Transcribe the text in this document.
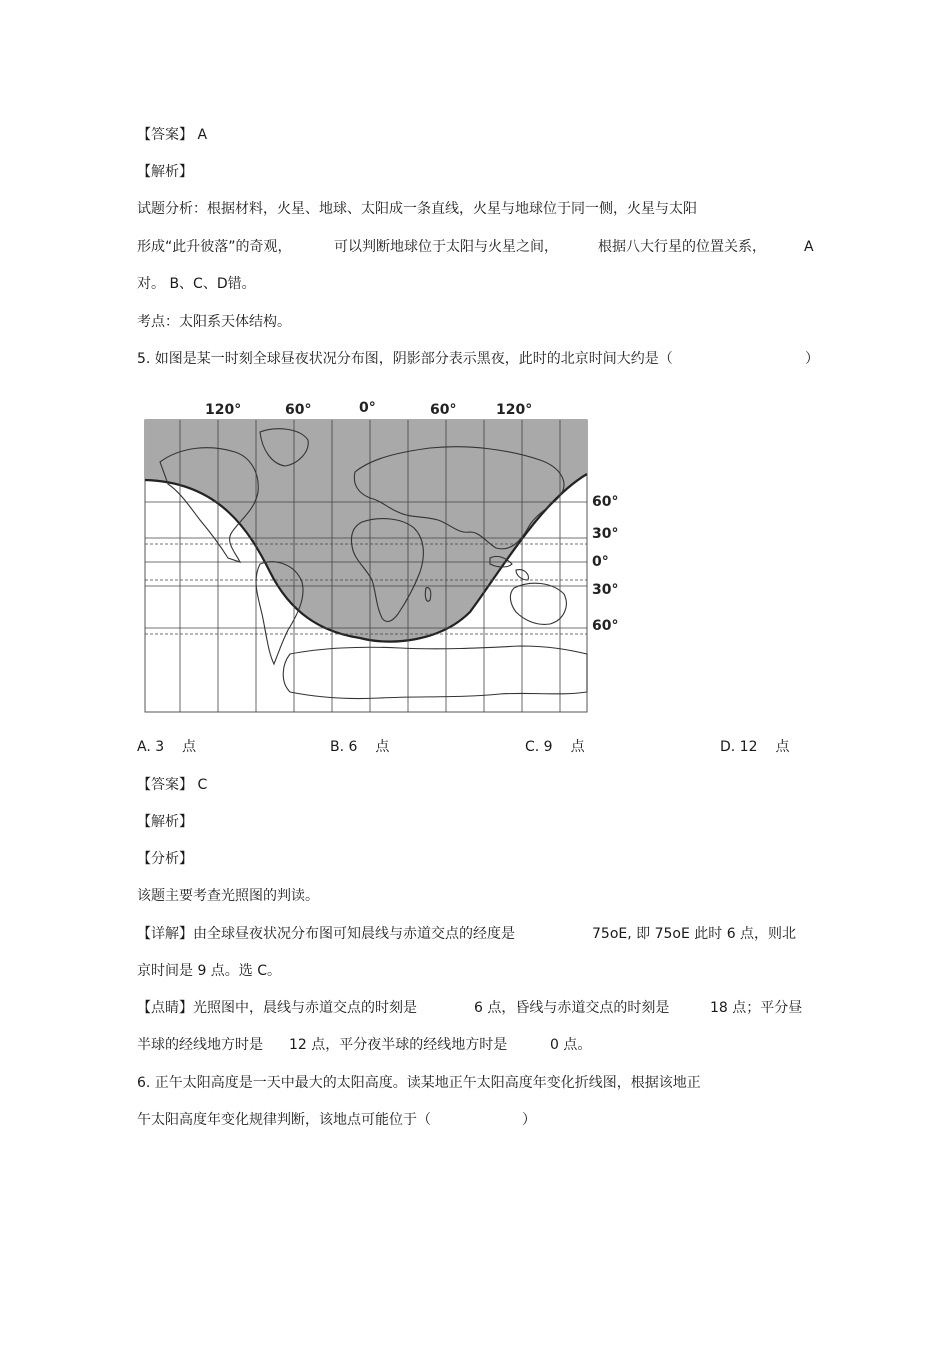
【答案】 A
【解析】
试题分析：根据材料，火星、地球、太阳成一条直线，火星与地球位于同一侧，火星与太阳
形成“此升彼落”的奇观，	可以判断地球位于太阳与火星之间，	根据八大行星的位置关系，	A
对。 B、C、D错。
考点：太阳系天体结构。
5. 如图是某一时刻全球昼夜状况分布图，阴影部分表示黑夜，此时的北京时间大约是（	）
120°	60°	0°	60°	120°
60°
30°
0°
30°
60°
A. 3 点	B. 6 点	C. 9 点	D. 12 点
【答案】 C
【解析】
【分析】
该题主要考查光照图的判读。
【详解】由全球昼夜状况分布图可知晨线与赤道交点的经度是	75oE, 即 75oE 此时 6 点，则北
京时间是 9 点。选 C。
【点睛】光照图中，晨线与赤道交点的时刻是	6 点，昏线与赤道交点的时刻是	18 点；平分昼
半球的经线地方时是 12 点，平分夜半球的经线地方时是	0 点。
6. 正午太阳高度是一天中最大的太阳高度。读某地正午太阳高度年变化折线图，根据该地正
午太阳高度年变化规律判断，该地点可能位于（	）
